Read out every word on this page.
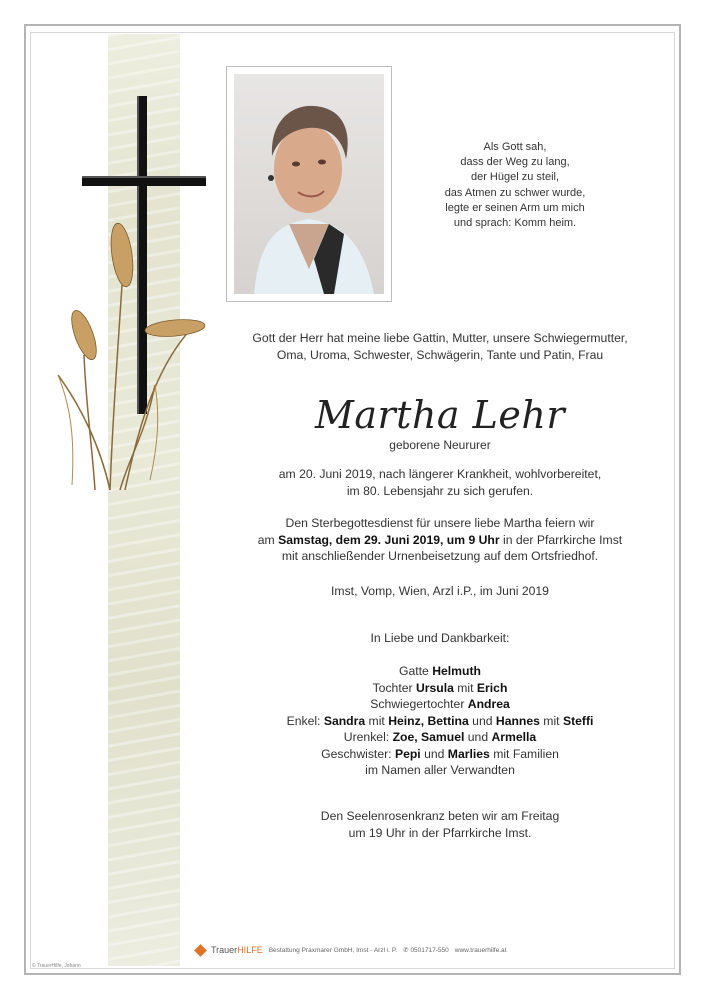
Als Gott sah,
dass der Weg zu lang,
der Hügel zu steil,
das Atmen zu schwer wurde,
legte er seinen Arm um mich
und sprach: Komm heim.
Gott der Herr hat meine liebe Gattin, Mutter, unsere Schwiegermutter,
Oma, Uroma, Schwester, Schwägerin, Tante und Patin, Frau
Martha Lehr
geborene Neururer
am 20. Juni 2019, nach längerer Krankheit, wohlvorbereitet,
im 80. Lebensjahr zu sich gerufen.
Den Sterbegottesdienst für unsere liebe Martha feiern wir
am Samstag, dem 29. Juni 2019, um 9 Uhr in der Pfarrkirche Imst
mit anschließender Urnenbeisetzung auf dem Ortsfriedhof.
Imst, Vomp, Wien, Arzl i.P., im Juni 2019
In Liebe und Dankbarkeit:
Gatte Helmuth
Tochter Ursula mit Erich
Schwiegertochter Andrea
Enkel: Sandra mit Heinz, Bettina und Hannes mit Steffi
Urenkel: Zoe, Samuel und Armella
Geschwister: Pepi und Marlies mit Familien
im Namen aller Verwandten
Den Seelenrosenkranz beten wir am Freitag
um 19 Uhr in der Pfarrkirche Imst.
TrauerHILFE Bestattung Praxmarer GmbH, Imst - Arzl i. P. ✆ 0501717-550 www.trauerhilfe.at
© TrauerHilfe, Johann
